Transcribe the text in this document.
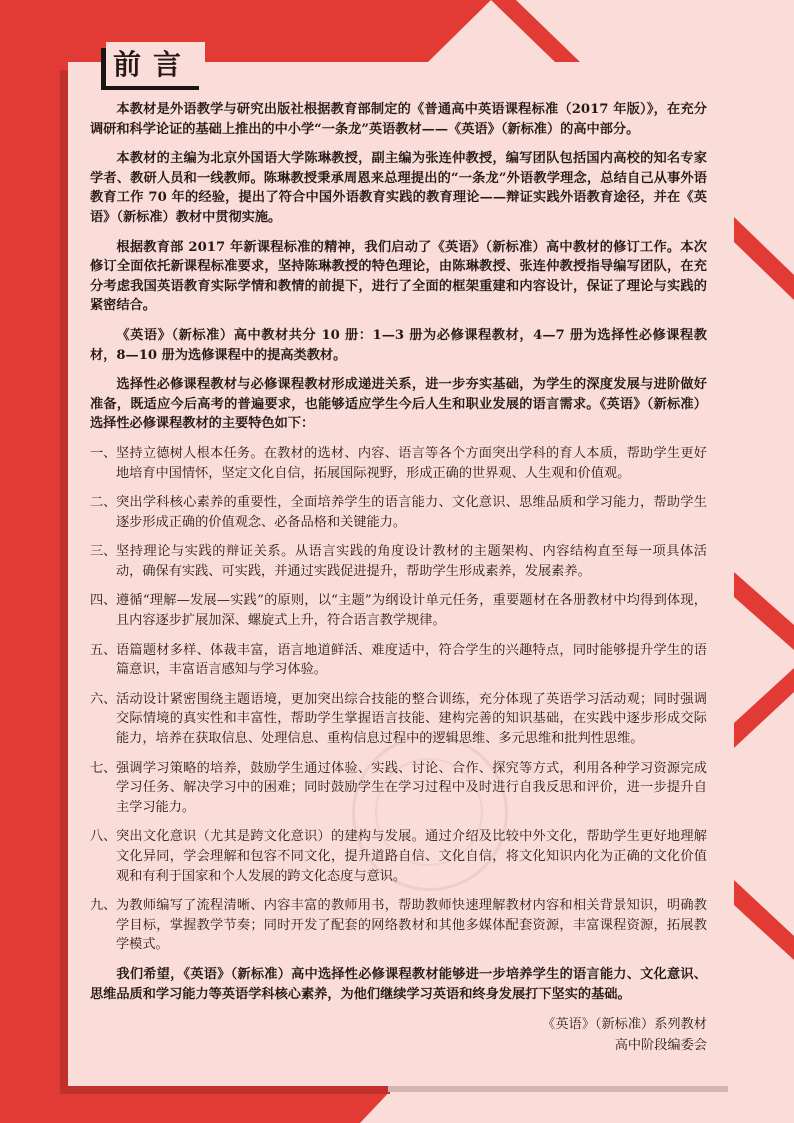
前言

本教材是外语教学与研究出版社根据教育部制定的《普通高中英语课程标准（2017 年版）》，在充分调研和科学论证的基础上推出的中小学“一条龙”英语教材——《英语》（新标准）的高中部分。

本教材的主编为北京外国语大学陈琳教授，副主编为张连仲教授，编写团队包括国内高校的知名专家学者、教研人员和一线教师。陈琳教授秉承周恩来总理提出的“一条龙”外语教学理念，总结自己从事外语教育工作 70 年的经验，提出了符合中国外语教育实践的教育理论——辩证实践外语教育途径，并在《英语》（新标准）教材中贯彻实施。

根据教育部 2017 年新课程标准的精神，我们启动了《英语》（新标准）高中教材的修订工作。本次修订全面依托新课程标准要求，坚持陈琳教授的特色理论，由陈琳教授、张连仲教授指导编写团队，在充分考虑我国英语教育实际学情和教情的前提下，进行了全面的框架重建和内容设计，保证了理论与实践的紧密结合。

《英语》（新标准）高中教材共分 10 册：1—3 册为必修课程教材，4—7 册为选择性必修课程教材，8—10 册为选修课程中的提高类教材。

选择性必修课程教材与必修课程教材形成递进关系，进一步夯实基础，为学生的深度发展与进阶做好准备，既适应今后高考的普遍要求，也能够适应学生今后人生和职业发展的语言需求。《英语》（新标准）选择性必修课程教材的主要特色如下：

一、 坚持立德树人根本任务。在教材的选材、内容、语言等各个方面突出学科的育人本质，帮助学生更好地培育中国情怀，坚定文化自信，拓展国际视野，形成正确的世界观、人生观和价值观。
二、 突出学科核心素养的重要性，全面培养学生的语言能力、文化意识、思维品质和学习能力，帮助学生逐步形成正确的价值观念、必备品格和关键能力。
三、 坚持理论与实践的辩证关系。从语言实践的角度设计教材的主题架构、内容结构直至每一项具体活动，确保有实践、可实践，并通过实践促进提升，帮助学生形成素养，发展素养。
四、 遵循“理解—发展—实践”的原则，以“主题”为纲设计单元任务，重要题材在各册教材中均得到体现，且内容逐步扩展加深、螺旋式上升，符合语言教学规律。
五、 语篇题材多样、体裁丰富，语言地道鲜活、难度适中，符合学生的兴趣特点，同时能够提升学生的语篇意识，丰富语言感知与学习体验。
六、 活动设计紧密围绕主题语境，更加突出综合技能的整合训练，充分体现了英语学习活动观；同时强调交际情境的真实性和丰富性，帮助学生掌握语言技能、建构完善的知识基础，在实践中逐步形成交际能力，培养在获取信息、处理信息、重构信息过程中的逻辑思维、多元思维和批判性思维。
七、 强调学习策略的培养，鼓励学生通过体验、实践、讨论、合作、探究等方式，利用各种学习资源完成学习任务、解决学习中的困难；同时鼓励学生在学习过程中及时进行自我反思和评价，进一步提升自主学习能力。
八、 突出文化意识（尤其是跨文化意识）的建构与发展。通过介绍及比较中外文化，帮助学生更好地理解文化异同，学会理解和包容不同文化，提升道路自信、文化自信，将文化知识内化为正确的文化价值观和有利于国家和个人发展的跨文化态度与意识。
九、 为教师编写了流程清晰、内容丰富的教师用书，帮助教师快速理解教材内容和相关背景知识，明确教学目标，掌握教学节奏；同时开发了配套的网络教材和其他多媒体配套资源，丰富课程资源，拓展教学模式。

我们希望，《英语》（新标准）高中选择性必修课程教材能够进一步培养学生的语言能力、文化意识、思维品质和学习能力等英语学科核心素养，为他们继续学习英语和终身发展打下坚实的基础。

《英语》（新标准）系列教材

高中阶段编委会
